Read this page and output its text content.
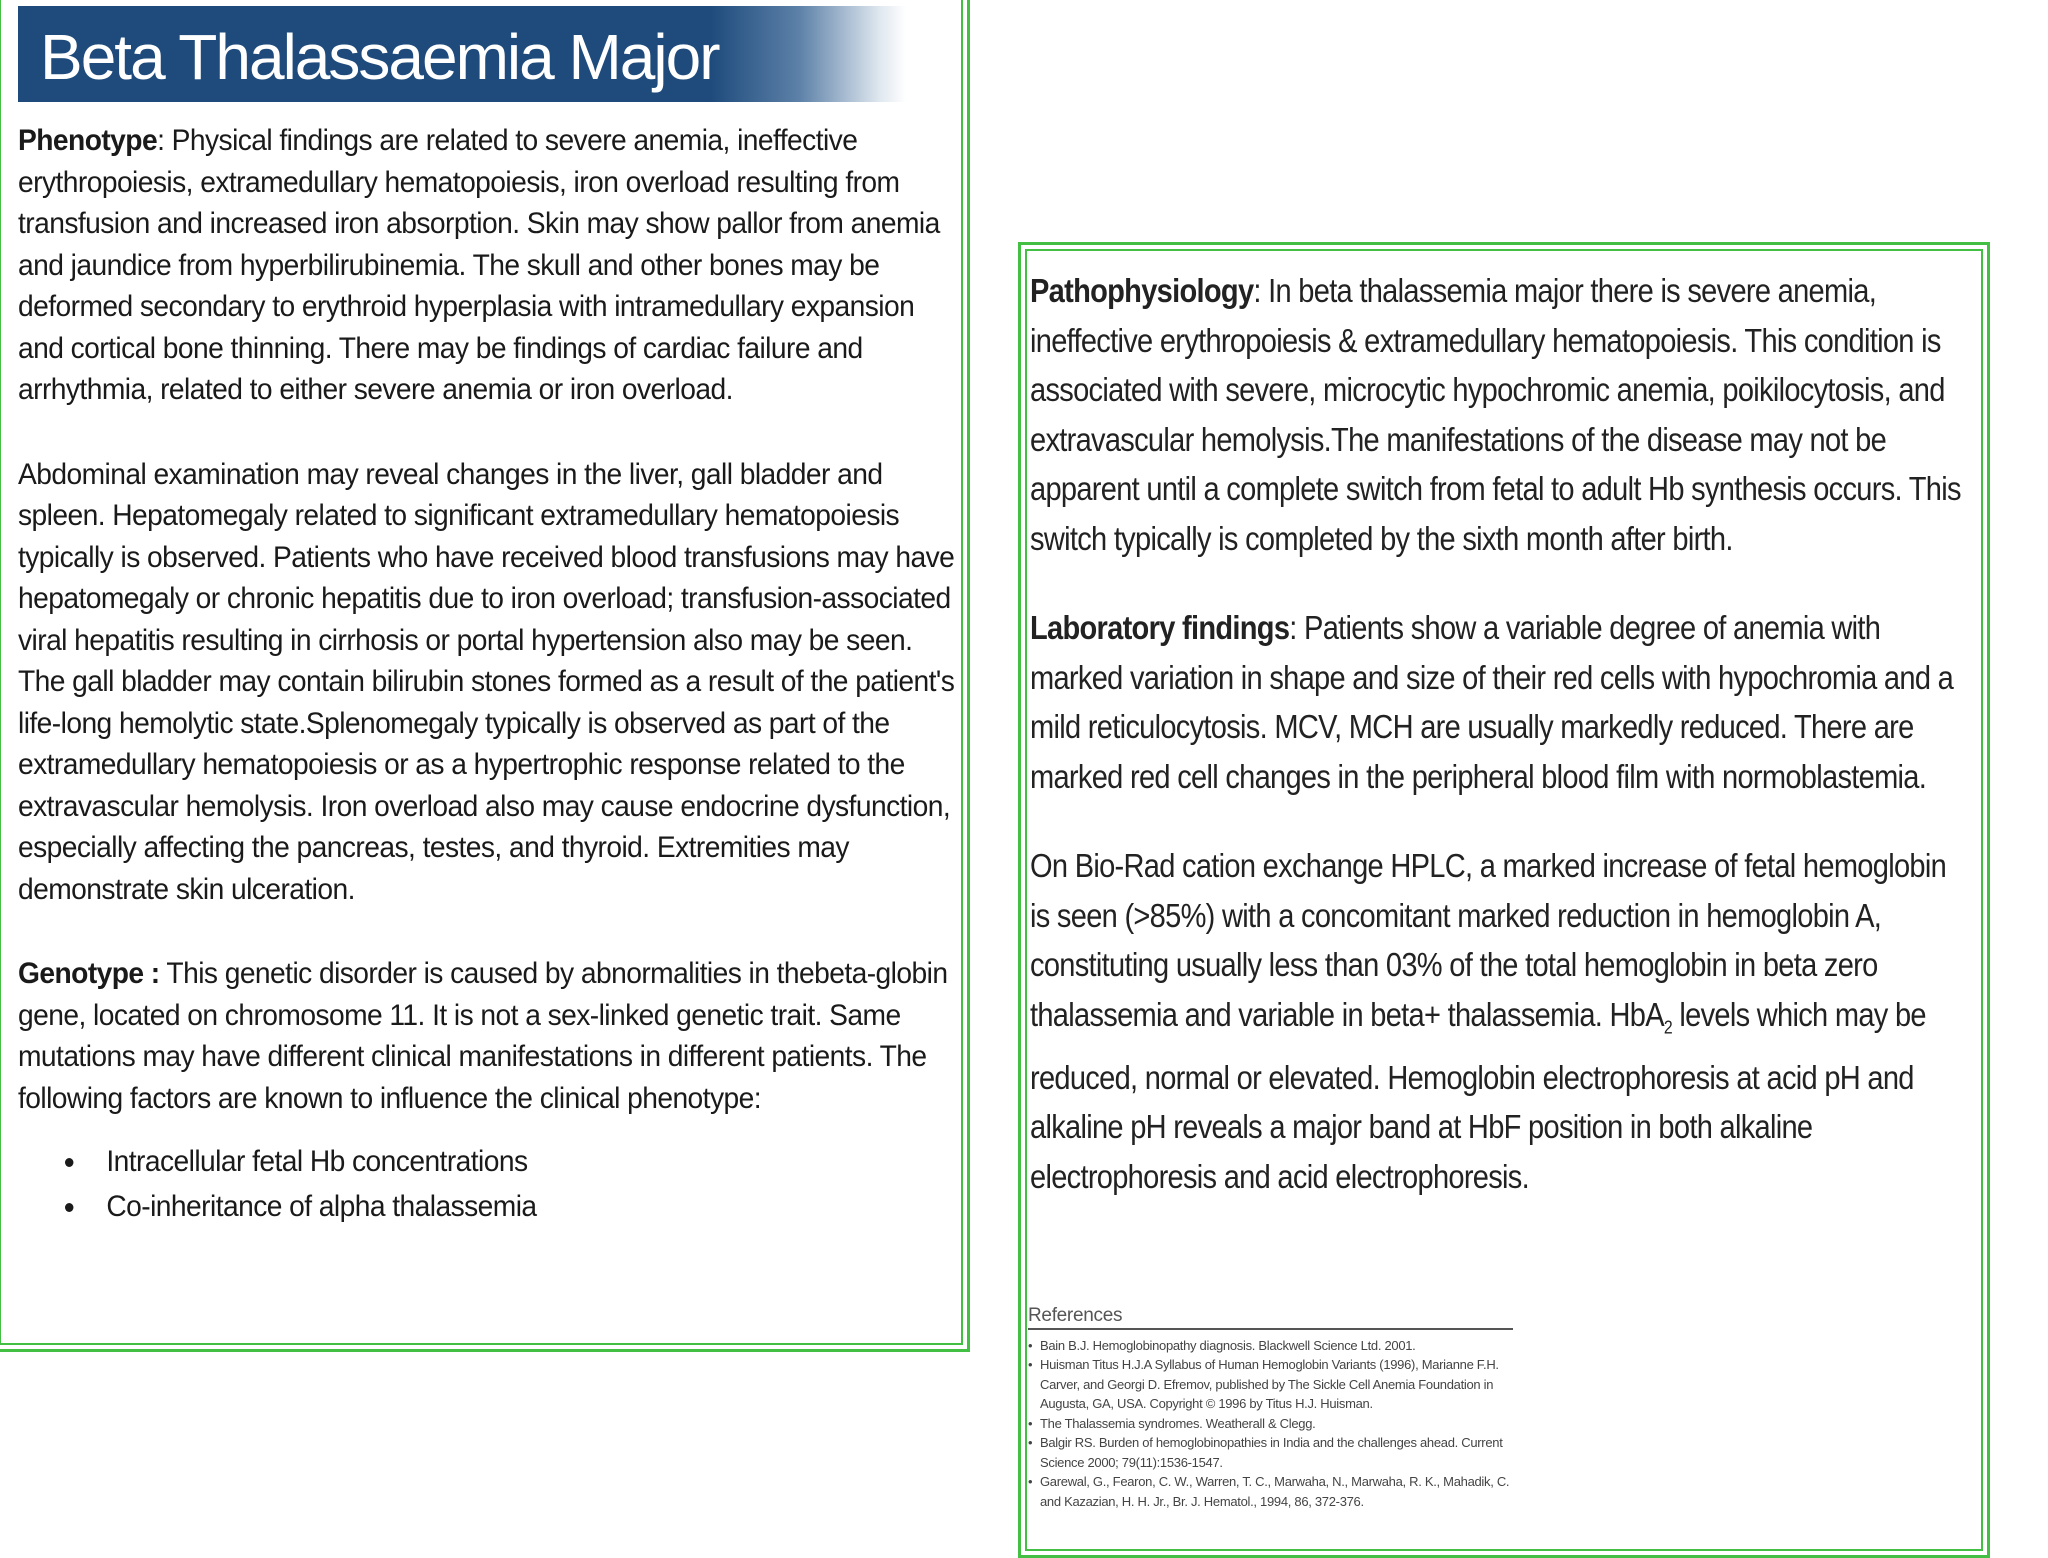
Beta Thalassaemia Major

Phenotype: Physical findings are related to severe anemia, ineffective erythropoiesis, extramedullary hematopoiesis, iron overload resulting from transfusion and increased iron absorption. Skin may show pallor from anemia and jaundice from hyperbilirubinemia. The skull and other bones may be deformed secondary to erythroid hyperplasia with intramedullary expansion and cortical bone thinning. There may be findings of cardiac failure and arrhythmia, related to either severe anemia or iron overload.

Abdominal examination may reveal changes in the liver, gall bladder and spleen. Hepatomegaly related to significant extramedullary hematopoiesis typically is observed. Patients who have received blood transfusions may have hepatomegaly or chronic hepatitis due to iron overload; transfusion-associated viral hepatitis resulting in cirrhosis or portal hypertension also may be seen. The gall bladder may contain bilirubin stones formed as a result of the patient's life-long hemolytic state.Splenomegaly typically is observed as part of the extramedullary hematopoiesis or as a hypertrophic response related to the extravascular hemolysis. Iron overload also may cause endocrine dysfunction, especially affecting the pancreas, testes, and thyroid. Extremities may demonstrate skin ulceration.

Genotype : This genetic disorder is caused by abnormalities in thebeta-globin gene, located on chromosome 11. It is not a sex-linked genetic trait. Same mutations may have different clinical manifestations in different patients. The following factors are known to influence the clinical phenotype:

Intracellular fetal Hb concentrations
Co-inheritance of alpha thalassemia

Pathophysiology: In beta thalassemia major there is severe anemia, ineffective erythropoiesis & extramedullary hematopoiesis. This condition is associated with severe, microcytic hypochromic anemia, poikilocytosis, and extravascular hemolysis.The manifestations of the disease may not be apparent until a complete switch from fetal to adult Hb synthesis occurs. This switch typically is completed by the sixth month after birth.

Laboratory findings: Patients show a variable degree of anemia with marked variation in shape and size of their red cells with hypochromia and a mild reticulocytosis. MCV, MCH are usually markedly reduced. There are marked red cell changes in the peripheral blood film with normoblastemia.

On Bio-Rad cation exchange HPLC, a marked increase of fetal hemoglobin is seen (>85%) with a concomitant marked reduction in hemoglobin A, constituting usually less than 03% of the total hemoglobin in beta zero thalassemia and variable in beta+ thalassemia. HbA$_2$ levels which may be reduced, normal or elevated. Hemoglobin electrophoresis at acid pH and alkaline pH reveals a major band at HbF position in both alkaline electrophoresis and acid electrophoresis.

References
• Bain B.J. Hemoglobinopathy diagnosis. Blackwell Science Ltd. 2001.
• Huisman Titus H.J.A Syllabus of Human Hemoglobin Variants (1996), Marianne F.H. Carver, and Georgi D. Efremov, published by The Sickle Cell Anemia Foundation in Augusta, GA, USA. Copyright © 1996 by Titus H.J. Huisman.
• The Thalassemia syndromes. Weatherall & Clegg.
• Balgir RS. Burden of hemoglobinopathies in India and the challenges ahead. Current Science 2000; 79(11):1536-1547.
• Garewal, G., Fearon, C. W., Warren, T. C., Marwaha, N., Marwaha, R. K., Mahadik, C. and Kazazian, H. H. Jr., Br. J. Hematol., 1994, 86, 372-376.
